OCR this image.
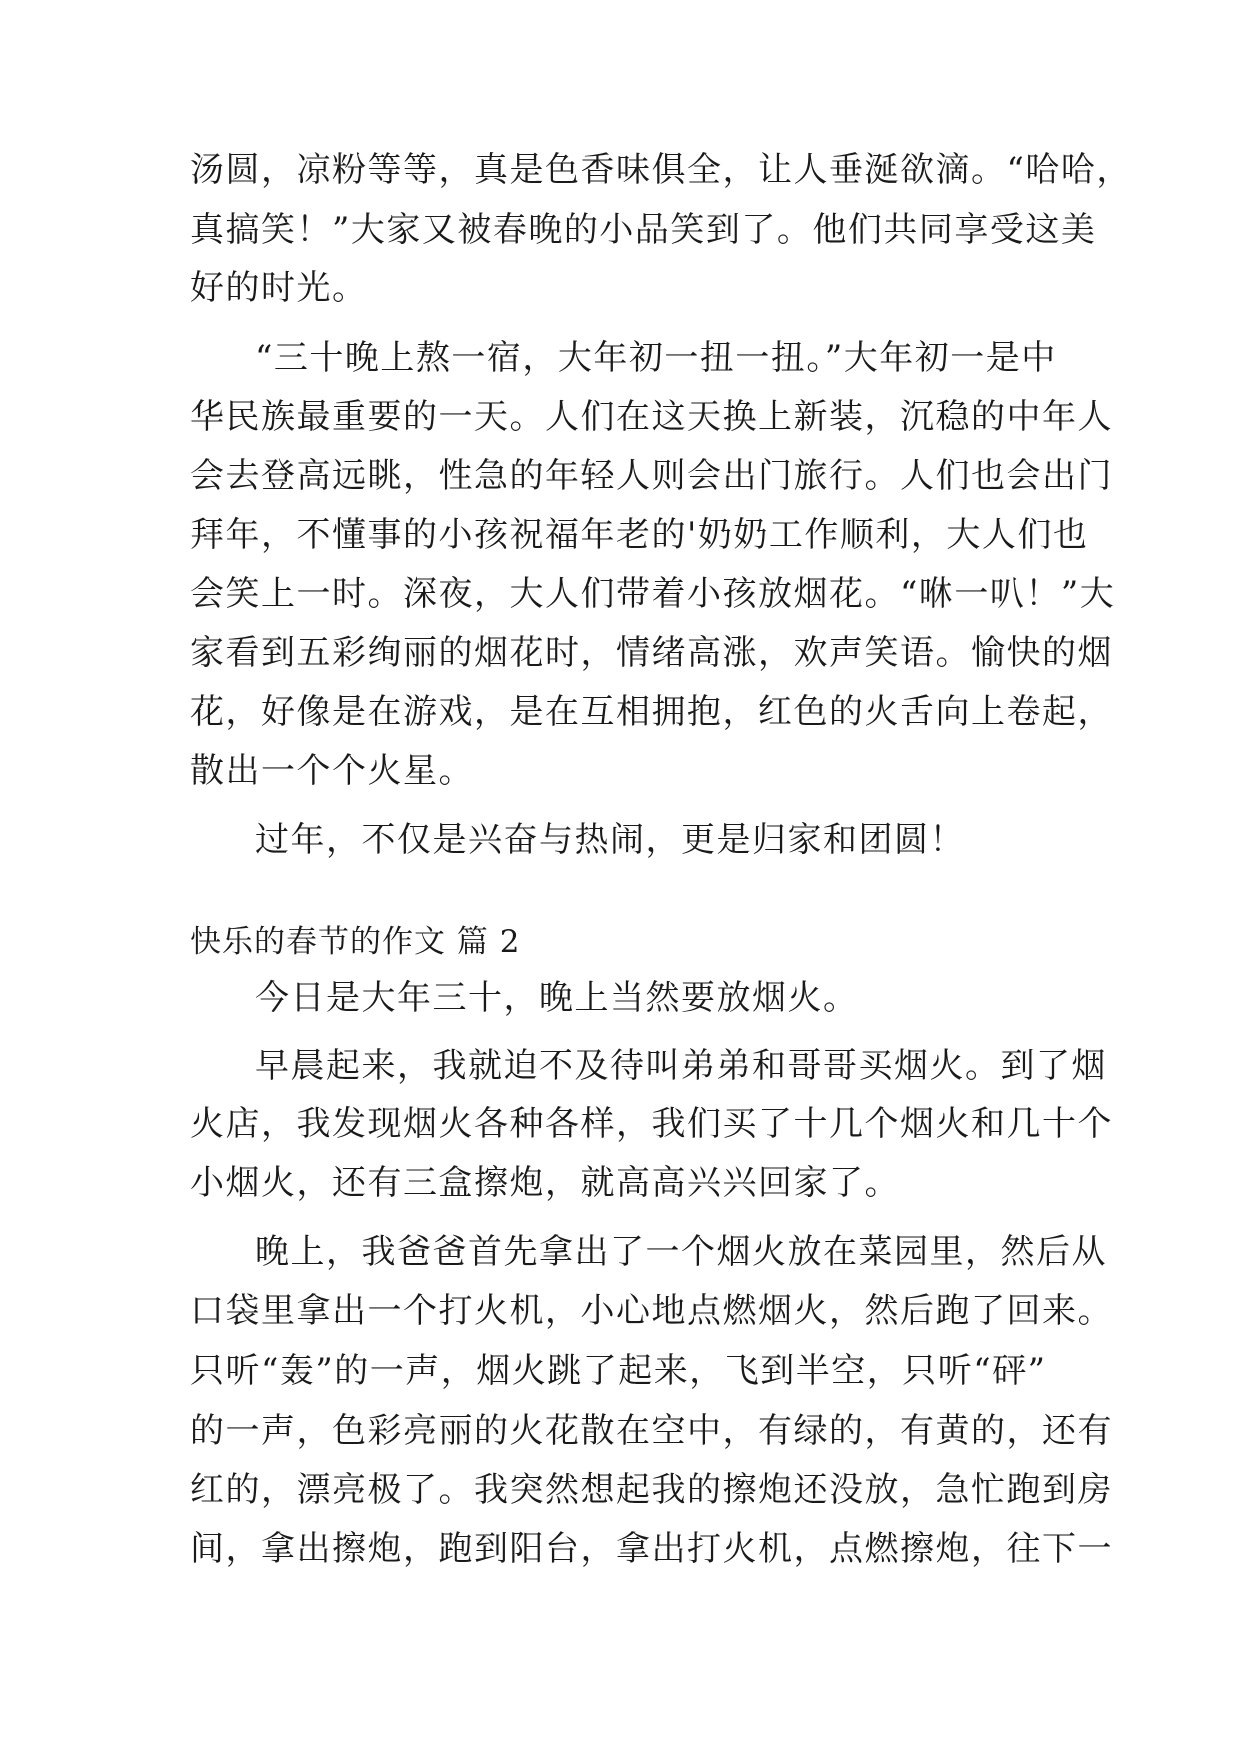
汤圆，凉粉等等，真是色香味俱全，让人垂涎欲滴。“哈哈，
真搞笑！”大家又被春晚的小品笑到了。他们共同享受这美
好的时光。
“三十晚上熬一宿，大年初一扭一扭。”大年初一是中
华民族最重要的一天。人们在这天换上新装，沉稳的中年人
会去登高远眺，性急的年轻人则会出门旅行。人们也会出门
拜年，不懂事的小孩祝福年老的'奶奶工作顺利，大人们也
会笑上一时。深夜，大人们带着小孩放烟花。“咻一叭！”大
家看到五彩绚丽的烟花时，情绪高涨，欢声笑语。愉快的烟
花，好像是在游戏，是在互相拥抱，红色的火舌向上卷起，
散出一个个火星。
过年，不仅是兴奋与热闹，更是归家和团圆！
快乐的春节的作文 篇 2
今日是大年三十，晚上当然要放烟火。
早晨起来，我就迫不及待叫弟弟和哥哥买烟火。到了烟
火店，我发现烟火各种各样，我们买了十几个烟火和几十个
小烟火，还有三盒擦炮，就高高兴兴回家了。
晚上，我爸爸首先拿出了一个烟火放在菜园里，然后从
口袋里拿出一个打火机，小心地点燃烟火，然后跑了回来。
只听“轰”的一声，烟火跳了起来，飞到半空，只听“砰”
的一声，色彩亮丽的火花散在空中，有绿的，有黄的，还有
红的，漂亮极了。我突然想起我的擦炮还没放，急忙跑到房
间，拿出擦炮，跑到阳台，拿出打火机，点燃擦炮，往下一
